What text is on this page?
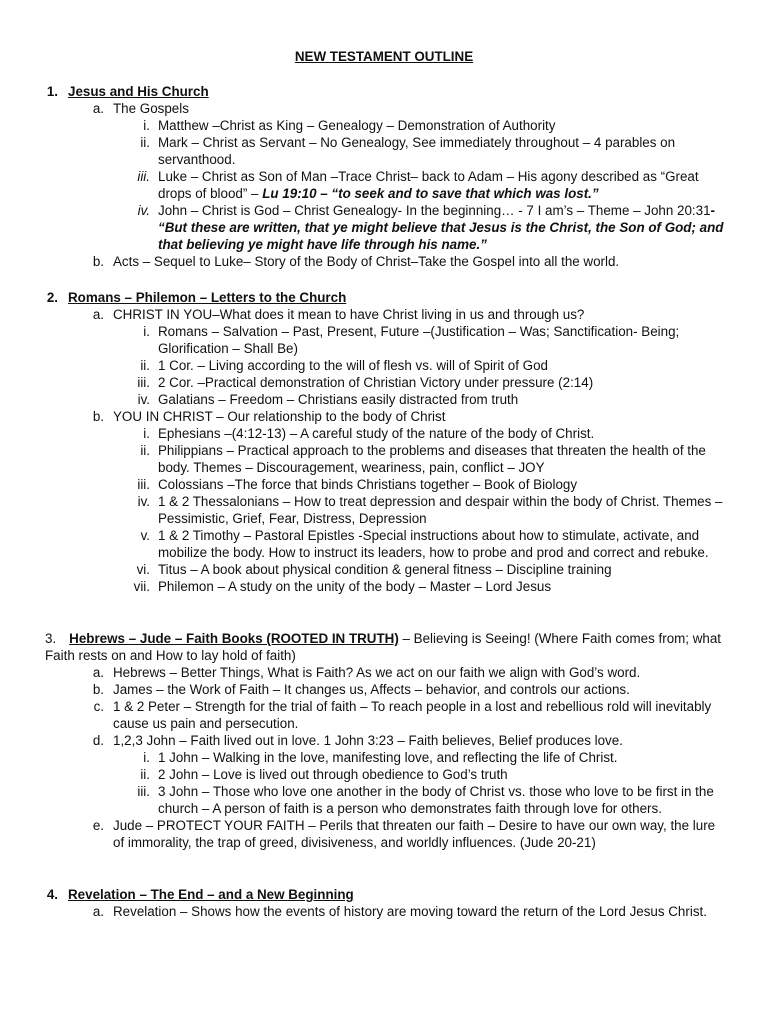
NEW TESTAMENT OUTLINE
1. Jesus and His Church
a. The Gospels
i. Matthew –Christ as King – Genealogy – Demonstration of Authority
ii. Mark – Christ as Servant – No Genealogy, See immediately throughout – 4 parables on servanthood.
iii. Luke – Christ as Son of Man –Trace Christ– back to Adam – His agony described as “Great drops of blood” – Lu 19:10 – “to seek and to save that which was lost.”
iv. John – Christ is God – Christ Genealogy- In the beginning… - 7 I am’s – Theme – John 20:31- “But these are written, that ye might believe that Jesus is the Christ, the Son of God; and that believing ye might have life through his name.”
b. Acts – Sequel to Luke– Story of the Body of Christ–Take the Gospel into all the world.
2. Romans – Philemon – Letters to the Church
a. CHRIST IN YOU–What does it mean to have Christ living in us and through us?
i. Romans – Salvation – Past, Present, Future –(Justification – Was; Sanctification- Being; Glorification – Shall Be)
ii. 1 Cor. – Living according to the will of flesh vs. will of Spirit of God
iii. 2 Cor. –Practical demonstration of Christian Victory under pressure (2:14)
iv. Galatians – Freedom – Christians easily distracted from truth
b. YOU IN CHRIST – Our relationship to the body of Christ
i. Ephesians –(4:12-13) – A careful study of the nature of the body of Christ.
ii. Philippians – Practical approach to the problems and diseases that threaten the health of the body. Themes – Discouragement, weariness, pain, conflict – JOY
iii. Colossians –The force that binds Christians together – Book of Biology
iv. 1 & 2 Thessalonians – How to treat depression and despair within the body of Christ. Themes –Pessimistic, Grief, Fear, Distress, Depression
v. 1 & 2 Timothy – Pastoral Epistles -Special instructions about how to stimulate, activate, and mobilize the body. How to instruct its leaders, how to probe and prod and correct and rebuke.
vi. Titus – A book about physical condition & general fitness – Discipline training
vii. Philemon – A study on the unity of the body – Master – Lord Jesus
3. Hebrews – Jude – Faith Books (ROOTED IN TRUTH) – Believing is Seeing! (Where Faith comes from; what Faith rests on and How to lay hold of faith)
a. Hebrews – Better Things, What is Faith? As we act on our faith we align with God’s word.
b. James – the Work of Faith – It changes us, Affects – behavior, and controls our actions.
c. 1 & 2 Peter – Strength for the trial of faith – To reach people in a lost and rebellious rold will inevitably cause us pain and persecution.
d. 1,2,3 John – Faith lived out in love. 1 John 3:23 – Faith believes, Belief produces love.
i. 1 John – Walking in the love, manifesting love, and reflecting the life of Christ.
ii. 2 John – Love is lived out through obedience to God’s truth
iii. 3 John – Those who love one another in the body of Christ vs. those who love to be first in the church – A person of faith is a person who demonstrates faith through love for others.
e. Jude – PROTECT YOUR FAITH – Perils that threaten our faith – Desire to have our own way, the lure of immorality, the trap of greed, divisiveness, and worldly influences. (Jude 20-21)
4. Revelation – The End – and a New Beginning
a. Revelation – Shows how the events of history are moving toward the return of the Lord Jesus Christ.
